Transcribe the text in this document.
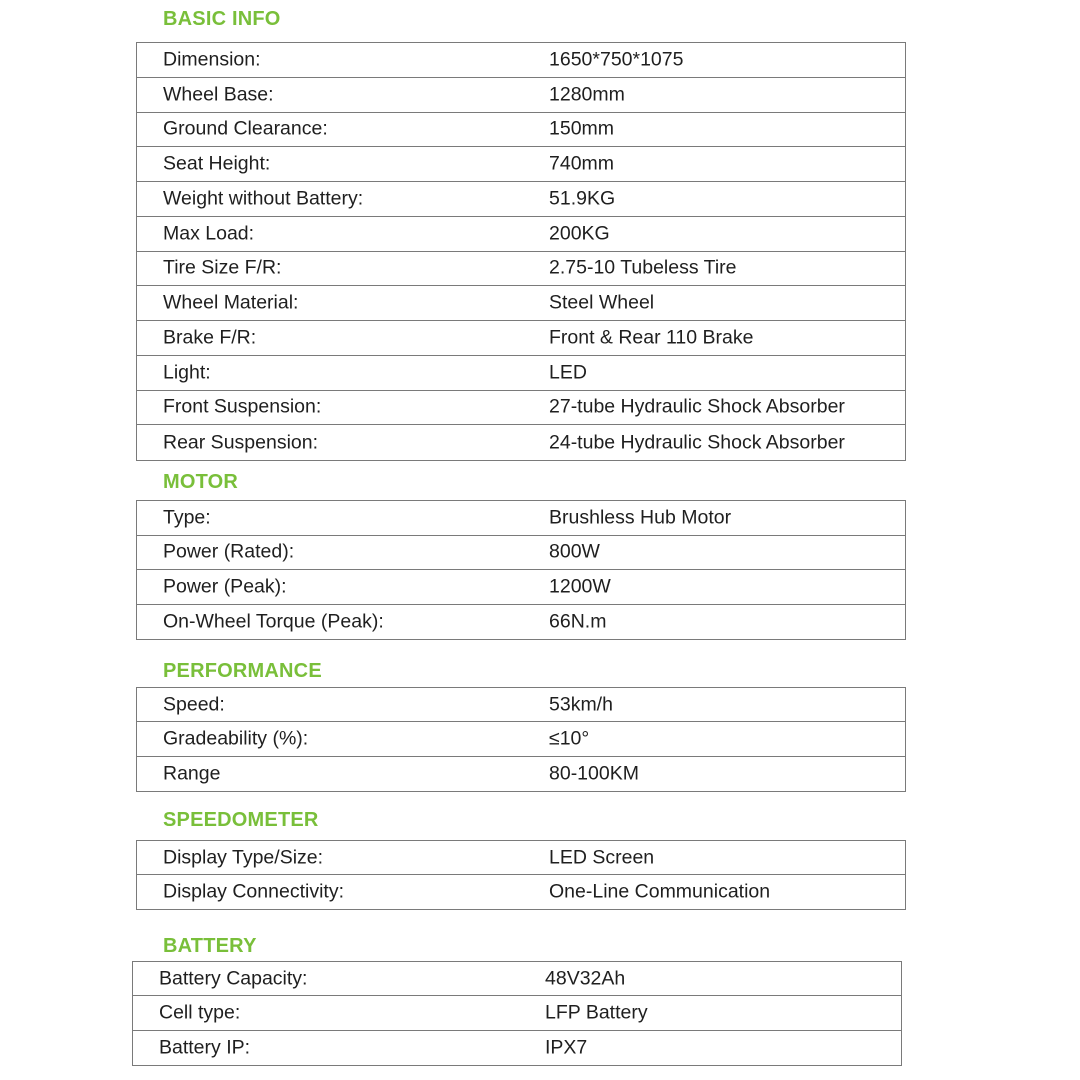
BASIC INFO
Dimension:	1650*750*1075
Wheel Base:	1280mm
Ground Clearance:	150mm
Seat Height:	740mm
Weight without Battery:	51.9KG
Max Load:	200KG
Tire Size F/R:	2.75-10 Tubeless Tire
Wheel Material:	Steel Wheel
Brake F/R:	Front & Rear 110 Brake
Light:	LED
Front Suspension:	27-tube Hydraulic Shock Absorber
Rear Suspension:	24-tube Hydraulic Shock Absorber
MOTOR
Type:	Brushless Hub Motor
Power (Rated):	800W
Power (Peak):	1200W
On-Wheel Torque (Peak):	66N.m
PERFORMANCE
Speed:	53km/h
Gradeability (%):	≤10°
Range	80-100KM
SPEEDOMETER
Display Type/Size:	LED Screen
Display Connectivity:	One-Line Communication
BATTERY
Battery Capacity:	48V32Ah
Cell type:	LFP Battery
Battery IP:	IPX7
